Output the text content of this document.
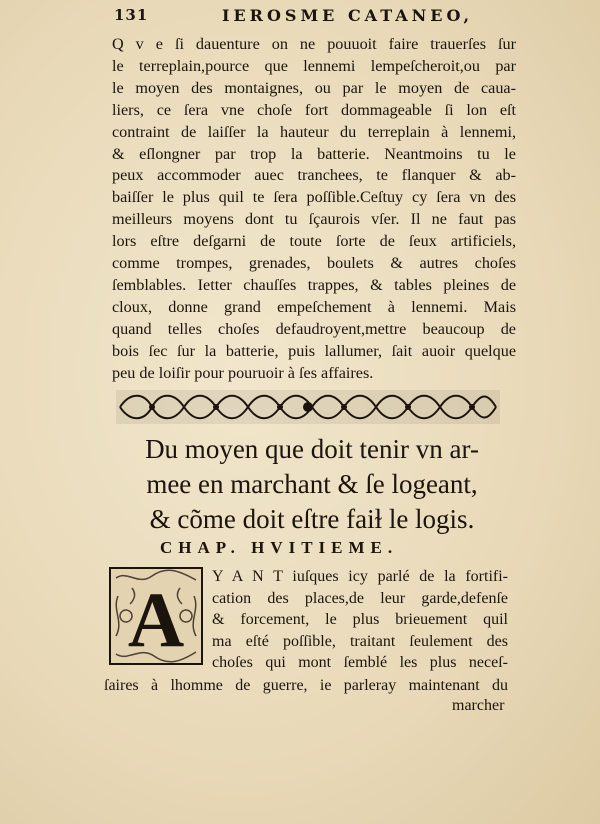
131	IEROSME CATANEO,
Q v e ſi dauenture on ne pouuoit faire trauerſes ſur
le terreplain,pource que lennemi lempeſcheroit,ou par
le moyen des montaignes, ou par le moyen de caua-
liers, ce ſera vne choſe fort dommageable ſi lon eſt
contraint de laiſſer la hauteur du terreplain à lennemi,
& eſlongner par trop la batterie. Neantmoins tu le
peux accommoder auec tranchees, te flanquer & ab-
baiſſer le plus quil te ſera poſſible.Ceſtuy cy ſera vn des
meilleurs moyens dont tu ſçaurois vſer. Il ne faut pas
lors eſtre deſgarni de toute ſorte de ſeux artificiels,
comme trompes, grenades, boulets & autres choſes
ſemblables. Ietter chauſſes trappes, & tables pleines de
cloux, donne grand empeſchement à lennemi. Mais
quand telles choſes defaudroyent,mettre beaucoup de
bois ſec ſur la batterie, puis lallumer, ſait auoir quelque
peu de loiſir pour pouruoir à ſes affaires.
Du moyen que doit tenir vn ar-
mee en marchant & ſe logeant,
& cõme doit eſtre faiɫ le logis.
CHAP. HVITIEME.
A Y A N T iuſques icy parlé de la fortifi-
cation des places,de leur garde,defenſe
& forcement, le plus brieuement quil
ma eſté poſſible, traitant ſeulement des
choſes qui mont ſemblé les plus neceſ-
ſaires à lhomme de guerre, ie parleray maintenant du
marcher
